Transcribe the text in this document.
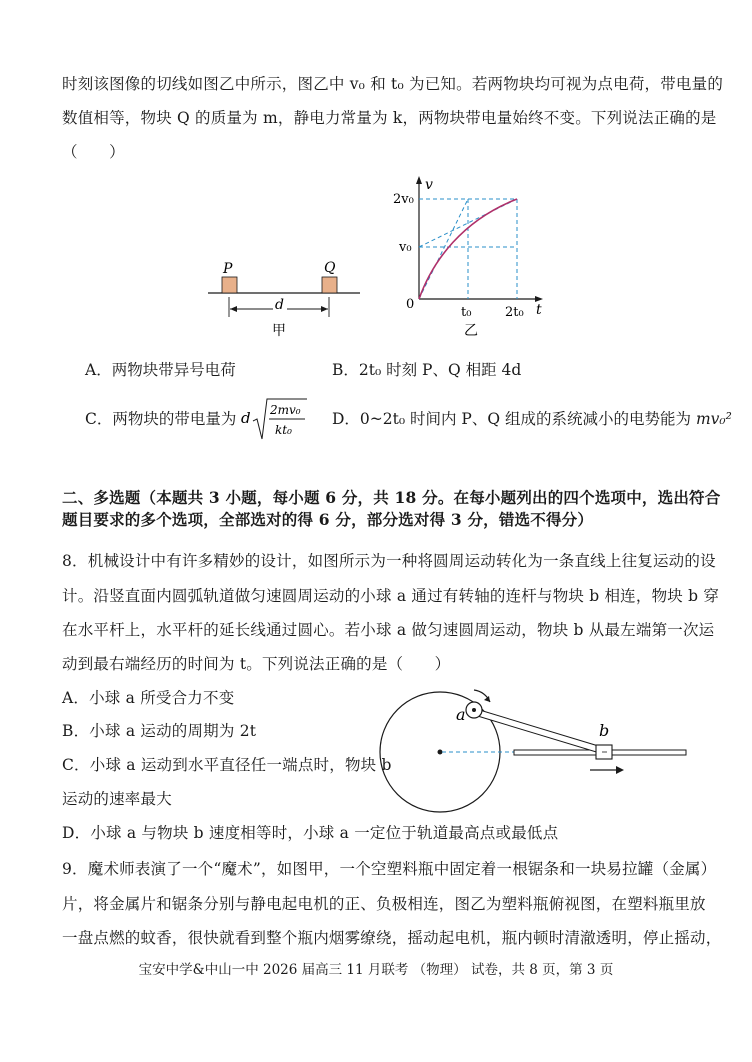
时刻该图像的切线如图乙中所示，图乙中 v₀ 和 t₀ 为已知。若两物块均可视为点电荷，带电量的
数值相等，物块 Q 的质量为 m，静电力常量为 k，两物块带电量始终不变。下列说法正确的是
（　　）
P	Q
d
甲
v
t
0
2v₀
v₀
t₀	2t₀
乙
A．两物块带异号电荷	B．2t₀ 时刻 P、Q 相距 4d
C．两物块的带电量为 d 2mv₀
kt₀
D．0~2t₀ 时间内 P、Q 组成的系统减小的电势能为 mv₀²
二、多选题（本题共 3 小题，每小题 6 分，共 18 分。在每小题列出的四个选项中，选出符合
题目要求的多个选项，全部选对的得 6 分，部分选对得 3 分，错选不得分）
8．机械设计中有许多精妙的设计，如图所示为一种将圆周运动转化为一条直线上往复运动的设
计。沿竖直面内圆弧轨道做匀速圆周运动的小球 a 通过有转轴的连杆与物块 b 相连，物块 b 穿
在水平杆上，水平杆的延长线通过圆心。若小球 a 做匀速圆周运动，物块 b 从最左端第一次运
动到最右端经历的时间为 t。下列说法正确的是（　　）
A．小球 a 所受合力不变
B．小球 a 运动的周期为 2t
C．小球 a 运动到水平直径任一端点时，物块 b
运动的速率最大
D．小球 a 与物块 b 速度相等时，小球 a 一定位于轨道最高点或最低点
a
b
9．魔术师表演了一个“魔术”，如图甲，一个空塑料瓶中固定着一根锯条和一块易拉罐（金属）
片，将金属片和锯条分别与静电起电机的正、负极相连，图乙为塑料瓶俯视图，在塑料瓶里放
一盘点燃的蚊香，很快就看到整个瓶内烟雾缭绕，摇动起电机，瓶内顿时清澈透明，停止摇动，
宝安中学&中山一中 2026 届高三 11 月联考 （物理） 试卷，共 8 页，第 3 页
